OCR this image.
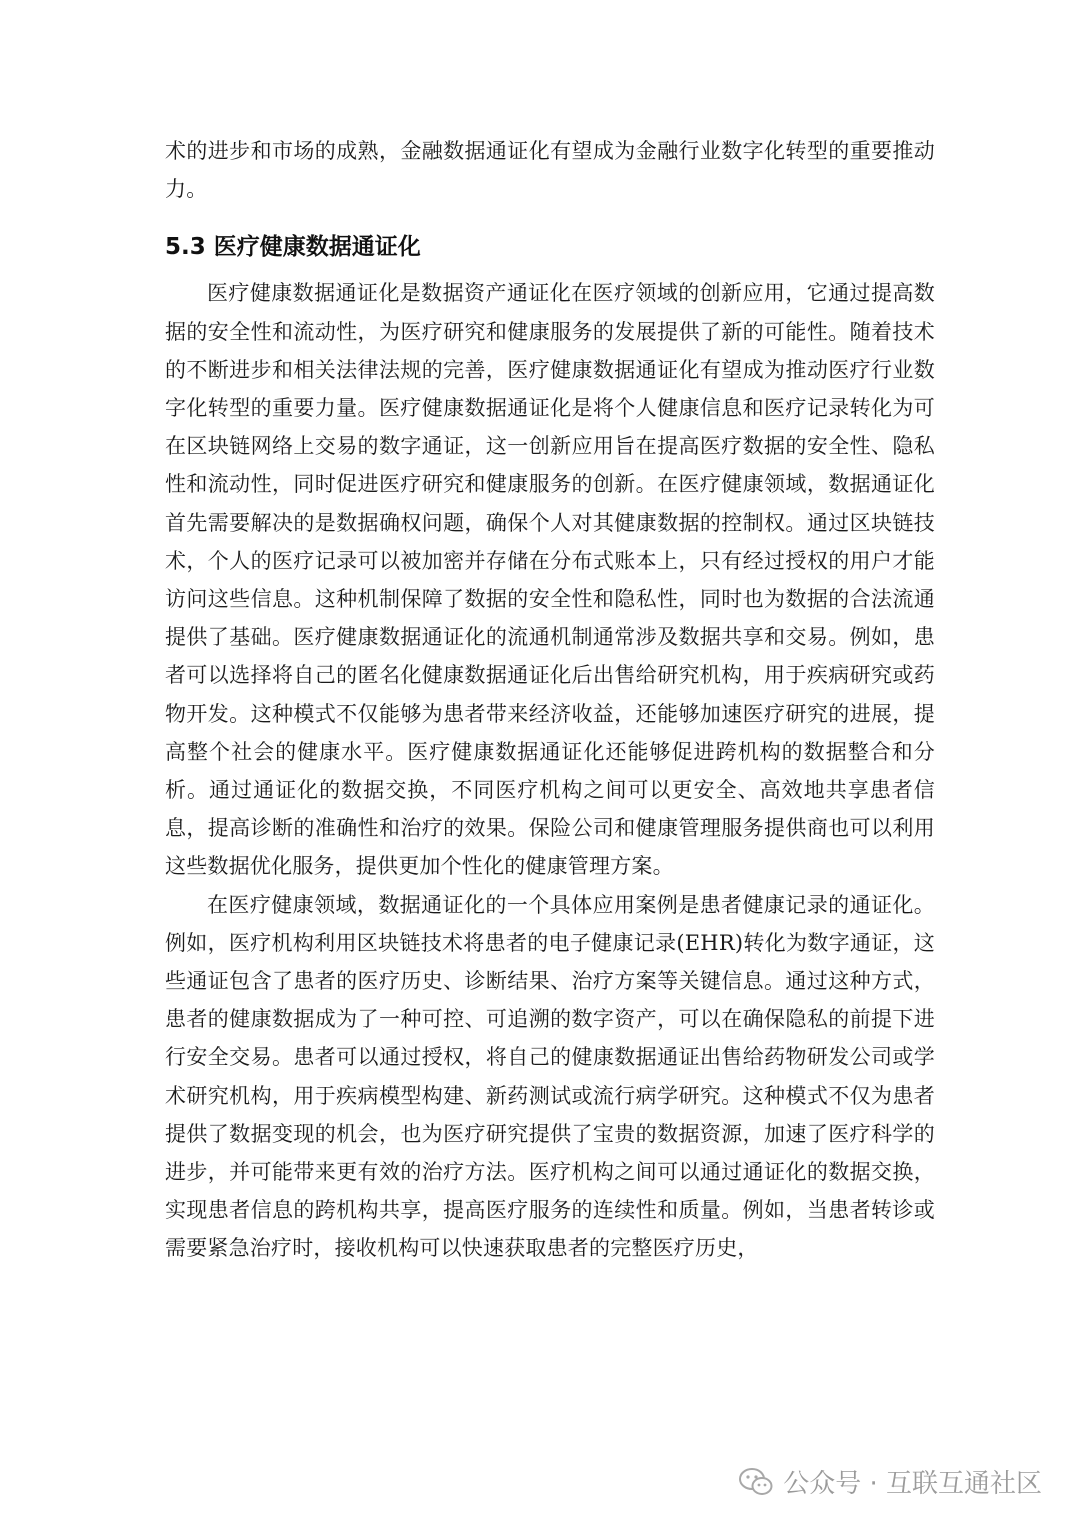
术的进步和市场的成熟，金融数据通证化有望成为金融行业数字化转型的重要推动力。

5.3 医疗健康数据通证化

医疗健康数据通证化是数据资产通证化在医疗领域的创新应用，它通过提高数据的安全性和流动性，为医疗研究和健康服务的发展提供了新的可能性。随着技术的不断进步和相关法律法规的完善，医疗健康数据通证化有望成为推动医疗行业数字化转型的重要力量。医疗健康数据通证化是将个人健康信息和医疗记录转化为可在区块链网络上交易的数字通证，这一创新应用旨在提高医疗数据的安全性、隐私性和流动性，同时促进医疗研究和健康服务的创新。在医疗健康领域，数据通证化首先需要解决的是数据确权问题，确保个人对其健康数据的控制权。通过区块链技术，个人的医疗记录可以被加密并存储在分布式账本上，只有经过授权的用户才能访问这些信息。这种机制保障了数据的安全性和隐私性，同时也为数据的合法流通提供了基础。医疗健康数据通证化的流通机制通常涉及数据共享和交易。例如，患者可以选择将自己的匿名化健康数据通证化后出售给研究机构，用于疾病研究或药物开发。这种模式不仅能够为患者带来经济收益，还能够加速医疗研究的进展，提高整个社会的健康水平。医疗健康数据通证化还能够促进跨机构的数据整合和分析。通过通证化的数据交换，不同医疗机构之间可以更安全、高效地共享患者信息，提高诊断的准确性和治疗的效果。保险公司和健康管理服务提供商也可以利用这些数据优化服务，提供更加个性化的健康管理方案。

在医疗健康领域，数据通证化的一个具体应用案例是患者健康记录的通证化。例如，医疗机构利用区块链技术将患者的电子健康记录(EHR)转化为数字通证，这些通证包含了患者的医疗历史、诊断结果、治疗方案等关键信息。通过这种方式，患者的健康数据成为了一种可控、可追溯的数字资产，可以在确保隐私的前提下进行安全交易。患者可以通过授权，将自己的健康数据通证出售给药物研发公司或学术研究机构，用于疾病模型构建、新药测试或流行病学研究。这种模式不仅为患者提供了数据变现的机会，也为医疗研究提供了宝贵的数据资源，加速了医疗科学的进步，并可能带来更有效的治疗方法。医疗机构之间可以通过通证化的数据交换，实现患者信息的跨机构共享，提高医疗服务的连续性和质量。例如，当患者转诊或需要紧急治疗时，接收机构可以快速获取患者的完整医疗历史，

公众号 · 互联互通社区
